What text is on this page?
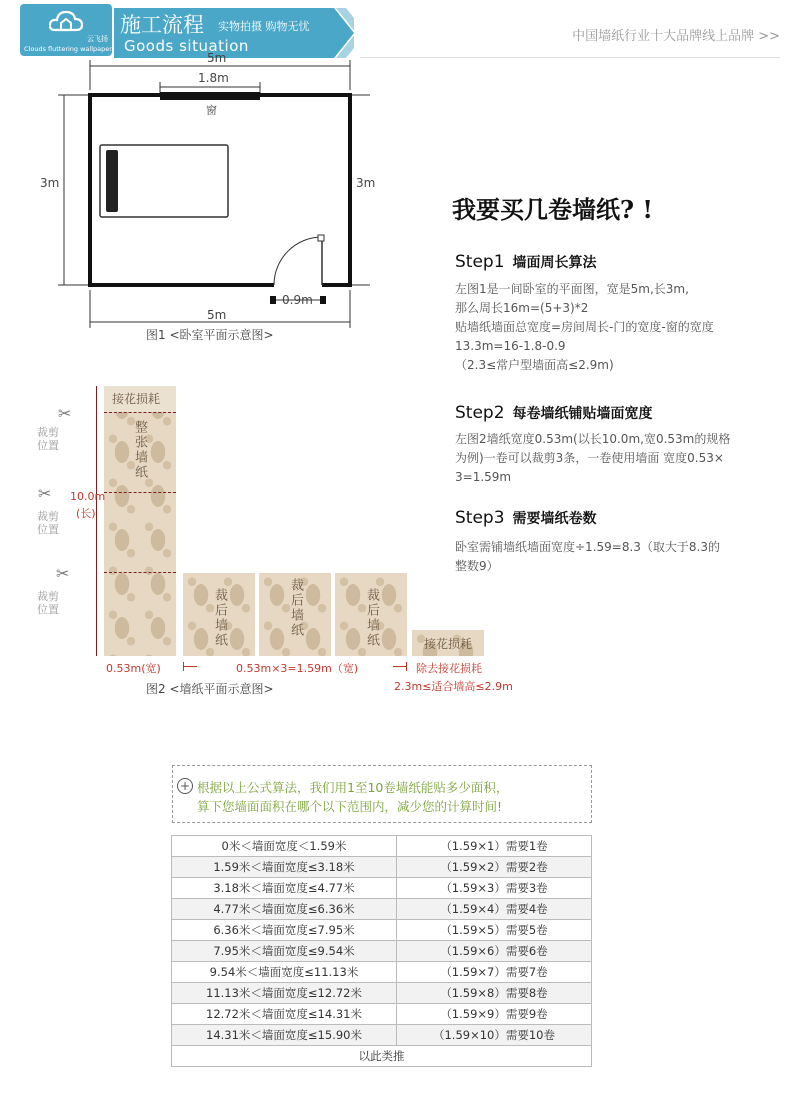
云飞扬
Clouds fluttering wallpaper
施工流程 实物拍摄 购物无忧
Goods situation
中国墙纸行业十大品牌线上品牌 >>
5m
1.8m
窗
3m	3m
0.9m
5m
图1 <卧室平面示意图>
我要买几卷墙纸? !
Step1 墙面周长算法
左图1是一间卧室的平面图，宽是5m,长3m,
那么周长16m=(5+3)*2
贴墙纸墙面总宽度=房间周长-门的宽度-窗的宽度
13.3m=16-1.8-0.9
（2.3≤常户型墙面高≤2.9m)
Step2 每卷墙纸铺贴墙面宽度
左图2墙纸宽度0.53m(以长10.0m,宽0.53m的规格
为例)一卷可以裁剪3条，一卷使用墙面 宽度0.53×
3=1.59m
Step3 需要墙纸卷数
卧室需铺墙纸墙面宽度÷1.59=8.3（取大于8.3的
整数9）
接花损耗
整张墙纸
10.0m
(长)
✂
裁剪位置
✂
裁剪位置
✂
裁剪位置	裁后墙纸	裁后墙纸	裁后墙纸	接花损耗
0.53m(宽)	0.53m×3=1.59m（宽)	除去接花损耗
图2 <墙纸平面示意图>	2.3m≤适合墙高≤2.9m
+ 根据以上公式算法，我们用1至10卷墙纸能贴多少面积，
算下您墙面面积在哪个以下范围内，减少您的计算时间!
0米＜墙面宽度＜1.59米	（1.59×1）需要1卷
1.59米＜墙面宽度≤3.18米	（1.59×2）需要2卷
3.18米＜墙面宽度≤4.77米	（1.59×3）需要3卷
4.77米＜墙面宽度≤6.36米	（1.59×4）需要4卷
6.36米＜墙面宽度≤7.95米	（1.59×5）需要5卷
7.95米＜墙面宽度≤9.54米	（1.59×6）需要6卷
9.54米＜墙面宽度≤11.13米	（1.59×7）需要7卷
11.13米＜墙面宽度≤12.72米	（1.59×8）需要8卷
12.72米＜墙面宽度≤14.31米	（1.59×9）需要9卷
14.31米＜墙面宽度≤15.90米	（1.59×10）需要10卷
以此类推	
